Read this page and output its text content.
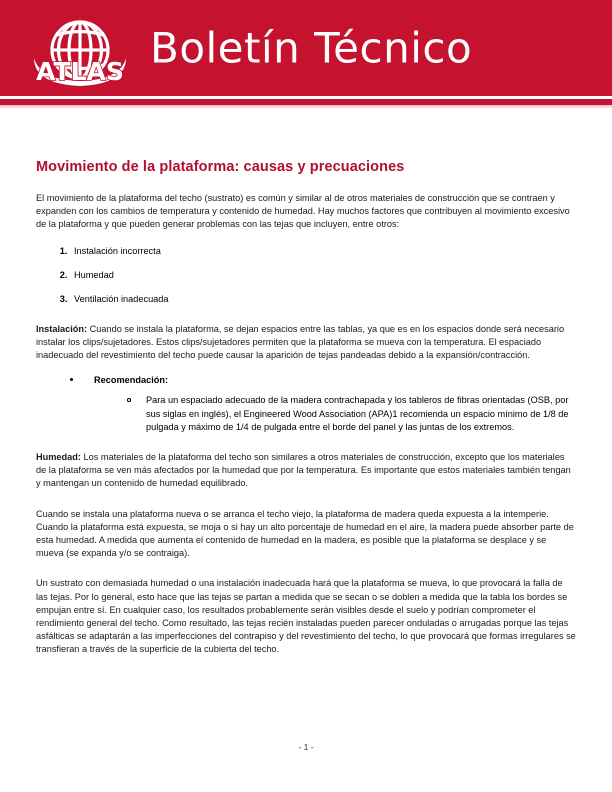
ATLAS Boletín Técnico
Movimiento de la plataforma: causas y precuaciones

El movimiento de la plataforma del techo (sustrato) es común y similar al de otros materiales de construcción que se contraen y expanden con los cambios de temperatura y contenido de humedad. Hay muchos factores que contribuyen al movimiento excesivo de la plataforma y que pueden generar problemas con las tejas que incluyen, entre otros:

1. Instalación incorrecta
2. Humedad
3. Ventilación inadecuada

Instalación: Cuando se instala la plataforma, se dejan espacios entre las tablas, ya que es en los espacios donde será necesario instalar los clips/sujetadores. Estos clips/sujetadores permiten que la plataforma se mueva con la temperatura. El espaciado inadecuado del revestimiento del techo puede causar la aparición de tejas pandeadas debido a la expansión/contracción.

Recomendación:
Para un espaciado adecuado de la madera contrachapada y los tableros de fibras orientadas (OSB, por sus siglas en inglés), el Engineered Wood Association (APA)1 recomienda un espacio mínimo de 1/8 de pulgada y máximo de 1/4 de pulgada entre el borde del panel y las juntas de los extremos.

Humedad: Los materiales de la plataforma del techo son similares a otros materiales de construcción, excepto que los materiales de la plataforma se ven más afectados por la humedad que por la temperatura. Es importante que estos materiales también tengan y mantengan un contenido de humedad equilibrado.

Cuando se instala una plataforma nueva o se arranca el techo viejo, la plataforma de madera queda expuesta a la intemperie. Cuando la plataforma está expuesta, se moja o si hay un alto porcentaje de humedad en el aire, la madera puede absorber parte de esta humedad. A medida que aumenta el contenido de humedad en la madera, es posible que la plataforma se desplace y se mueva (se expanda y/o se contraiga).

Un sustrato con demasiada humedad o una instalación inadecuada hará que la plataforma se mueva, lo que provocará la falla de las tejas. Por lo general, esto hace que las tejas se partan a medida que se secan o se doblen a medida que la tabla los bordes se empujan entre sí. En cualquier caso, los resultados probablemente serán visibles desde el suelo y podrían comprometer el rendimiento general del techo. Como resultado, las tejas recién instaladas pueden parecer onduladas o arrugadas porque las tejas asfálticas se adaptarán a las imperfecciones del contrapiso y del revestimiento del techo, lo que provocará que formas irregulares se transfieran a través de la superficie de la cubierta del techo.

- 1 -
